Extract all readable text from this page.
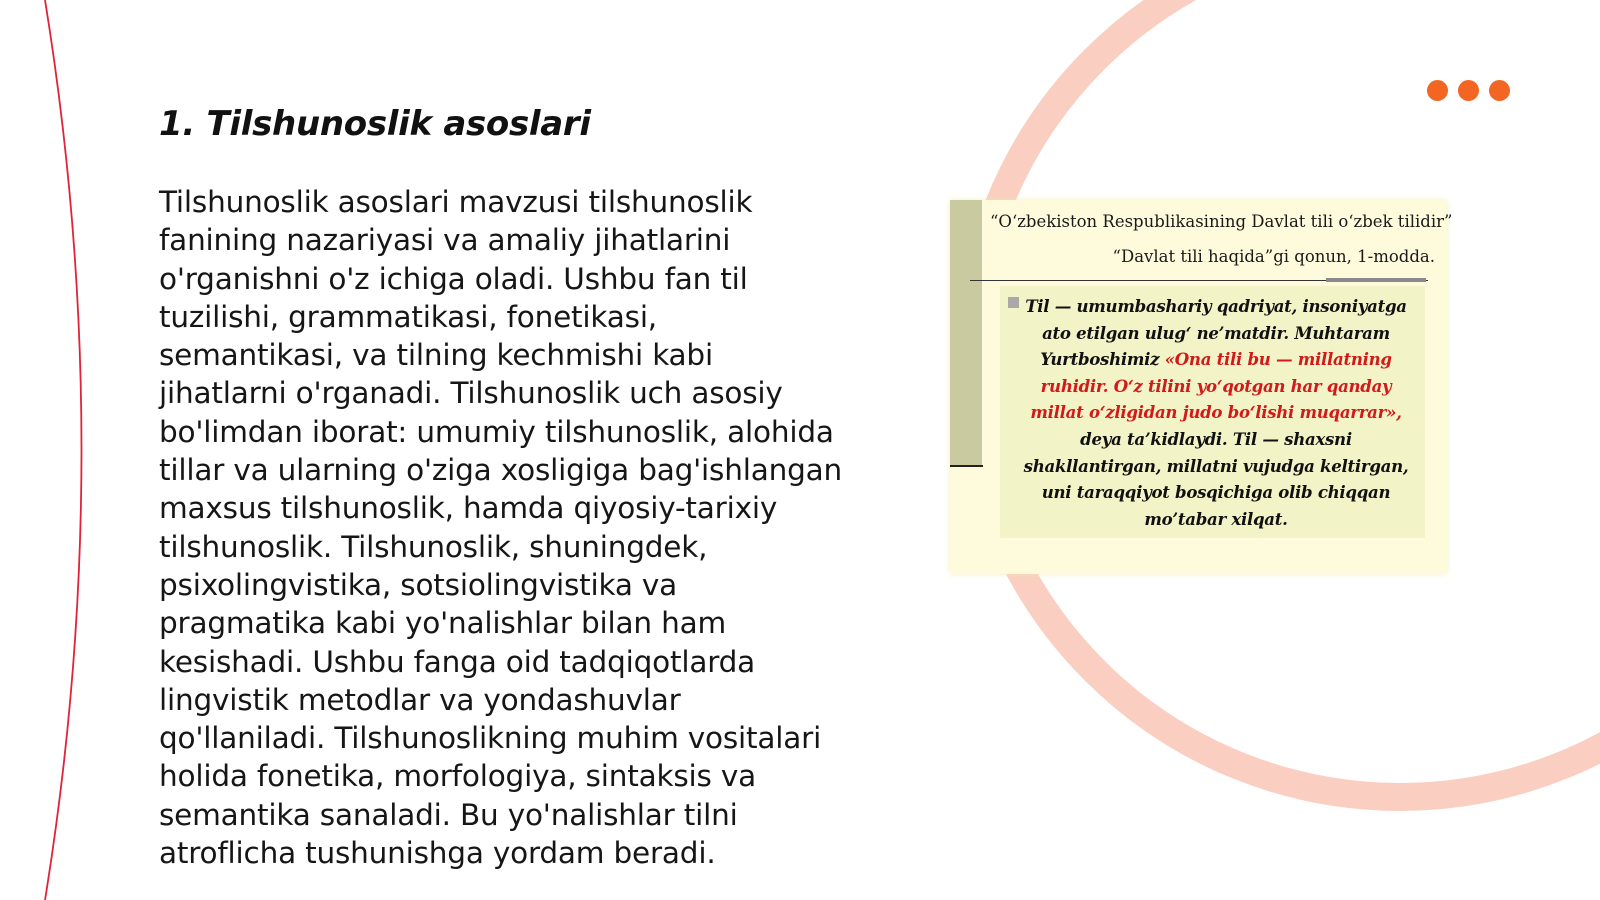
1. Tilshunoslik asoslari

Tilshunoslik asoslari mavzusi tilshunoslik fanining nazariyasi va amaliy jihatlarini o'rganishni o'z ichiga oladi. Ushbu fan til tuzilishi, grammatikasi, fonetikasi, semantikasi, va tilning kechmishi kabi jihatlarni o'rganadi. Tilshunoslik uch asosiy bo'limdan iborat: umumiy tilshunoslik, alohida tillar va ularning o'ziga xosligiga bag'ishlangan maxsus tilshunoslik, hamda qiyosiy-tarixiy tilshunoslik. Tilshunoslik, shuningdek, psixolingvistika, sotsiolingvistika va pragmatika kabi yo'nalishlar bilan ham kesishadi. Ushbu fanga oid tadqiqotlarda lingvistik metodlar va yondashuvlar qo'llaniladi. Tilshunoslikning muhim vositalari holida fonetika, morfologiya, sintaksis va semantika sanaladi. Bu yo'nalishlar tilni atroflicha tushunishga yordam beradi.

“O‘zbekiston Respublikasining Davlat tili o‘zbek tilidir”

“Davlat tili haqida”gi qonun, 1-modda.

Til — umumbashariy qadriyat, insoniyatga ato etilgan ulug‘ ne’matdir. Muhtaram Yurtboshimiz «Ona tili bu — millatning ruhidir. O‘z tilini yo‘qotgan har qanday millat o‘zligidan judo bo‘lishi muqarrar», deya ta’kidlaydi. Til — shaxsni shakllantirgan, millatni vujudga keltirgan, uni taraqqiyot bosqichiga olib chiqqan mo’tabar xilqat.
